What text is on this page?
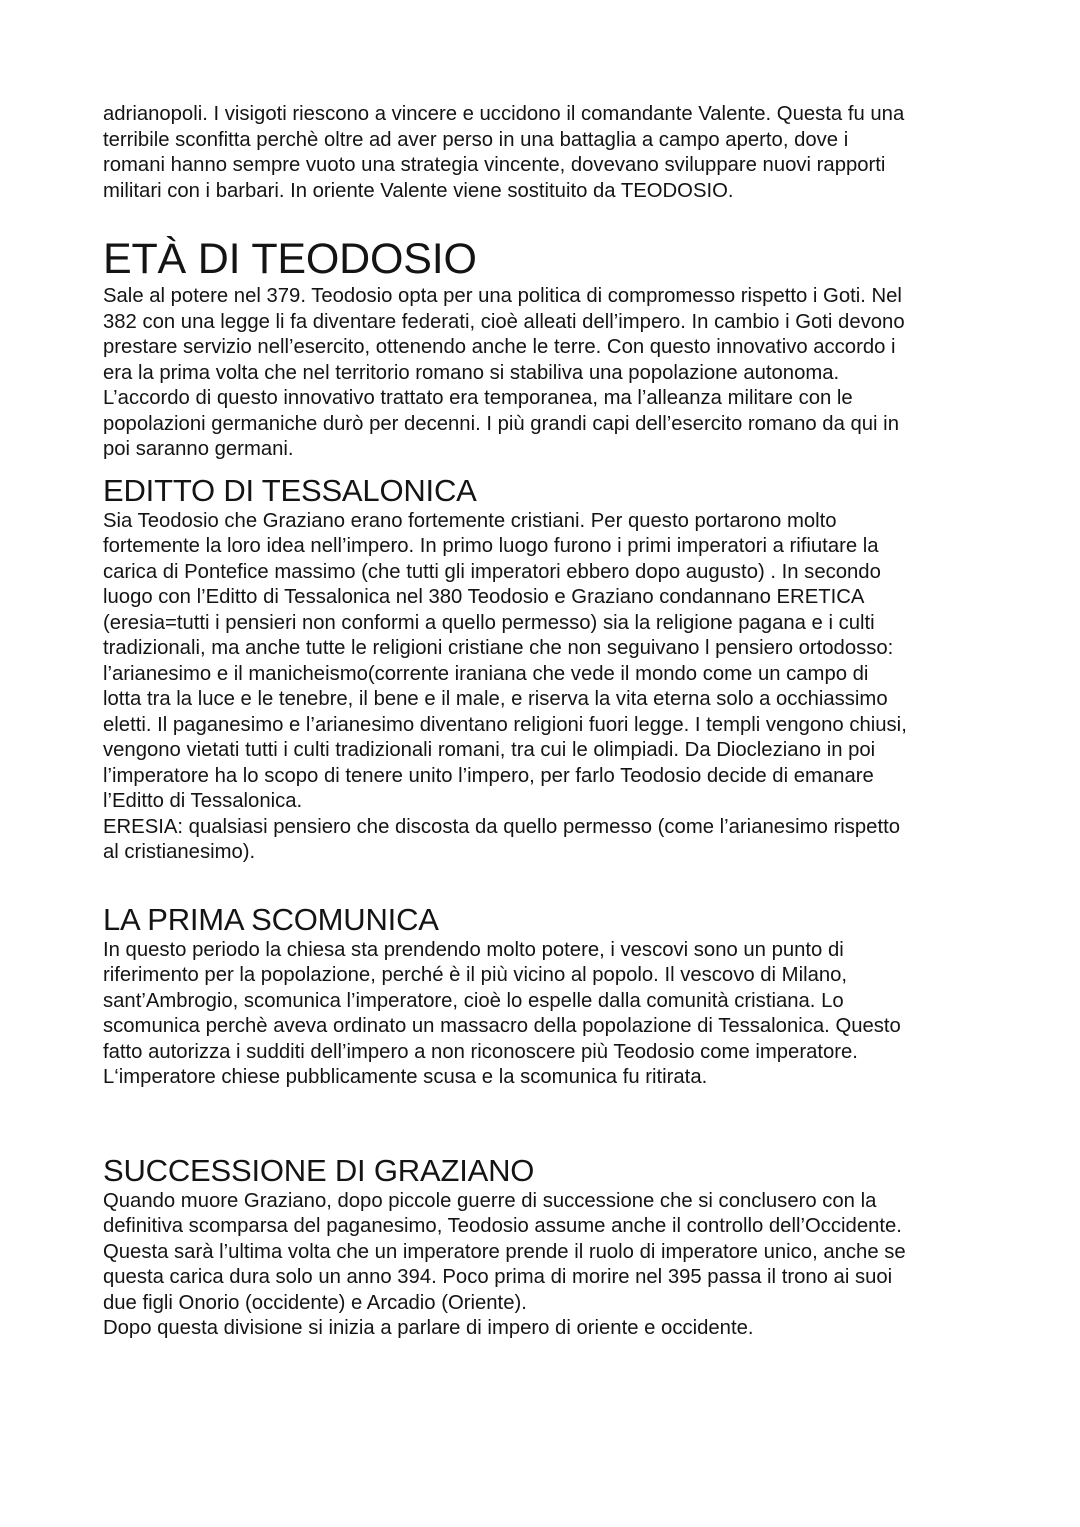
adrianopoli. I visigoti riescono a vincere e uccidono il comandante Valente. Questa fu una
terribile sconfitta perchè oltre ad aver perso in una battaglia a campo aperto, dove i
romani hanno sempre vuoto una strategia vincente, dovevano sviluppare nuovi rapporti
militari con i barbari. In oriente Valente viene sostituito da TEODOSIO.

ETÀ DI TEODOSIO

Sale al potere nel 379. Teodosio opta per una politica di compromesso rispetto i Goti. Nel
382 con una legge li fa diventare federati, cioè alleati dell’impero. In cambio i Goti devono
prestare servizio nell’esercito, ottenendo anche le terre. Con questo innovativo accordo i
era la prima volta che nel territorio romano si stabiliva una popolazione autonoma.
L’accordo di questo innovativo trattato era temporanea, ma l’alleanza militare con le
popolazioni germaniche durò per decenni. I più grandi capi dell’esercito romano da qui in
poi saranno germani.

EDITTO DI TESSALONICA

Sia Teodosio che Graziano erano fortemente cristiani. Per questo portarono molto
fortemente la loro idea nell’impero. In primo luogo furono i primi imperatori a rifiutare la
carica di Pontefice massimo (che tutti gli imperatori ebbero dopo augusto) . In secondo
luogo con l’Editto di Tessalonica nel 380 Teodosio e Graziano condannano ERETICA
(eresia=tutti i pensieri non conformi a quello permesso) sia la religione pagana e i culti
tradizionali, ma anche tutte le religioni cristiane che non seguivano l pensiero ortodosso:
l’arianesimo e il manicheismo(corrente iraniana che vede il mondo come un campo di
lotta tra la luce e le tenebre, il bene e il male, e riserva la vita eterna solo a occhiassimo
eletti. Il paganesimo e l’arianesimo diventano religioni fuori legge. I templi vengono chiusi,
vengono vietati tutti i culti tradizionali romani, tra cui le olimpiadi. Da Diocleziano in poi
l’imperatore ha lo scopo di tenere unito l’impero, per farlo Teodosio decide di emanare
l’Editto di Tessalonica.
ERESIA: qualsiasi pensiero che discosta da quello permesso (come l’arianesimo rispetto
al cristianesimo).

LA PRIMA SCOMUNICA

In questo periodo la chiesa sta prendendo molto potere, i vescovi sono un punto di
riferimento per la popolazione, perché è il più vicino al popolo. Il vescovo di Milano,
sant’Ambrogio, scomunica l’imperatore, cioè lo espelle dalla comunità cristiana. Lo
scomunica perchè aveva ordinato un massacro della popolazione di Tessalonica. Questo
fatto autorizza i sudditi dell’impero a non riconoscere più Teodosio come imperatore.
L‘imperatore chiese pubblicamente scusa e la scomunica fu ritirata.

SUCCESSIONE DI GRAZIANO

Quando muore Graziano, dopo piccole guerre di successione che si conclusero con la
definitiva scomparsa del paganesimo, Teodosio assume anche il controllo dell’Occidente.
Questa sarà l’ultima volta che un imperatore prende il ruolo di imperatore unico, anche se
questa carica dura solo un anno 394. Poco prima di morire nel 395 passa il trono ai suoi
due figli Onorio (occidente) e Arcadio (Oriente).
Dopo questa divisione si inizia a parlare di impero di oriente e occidente.
